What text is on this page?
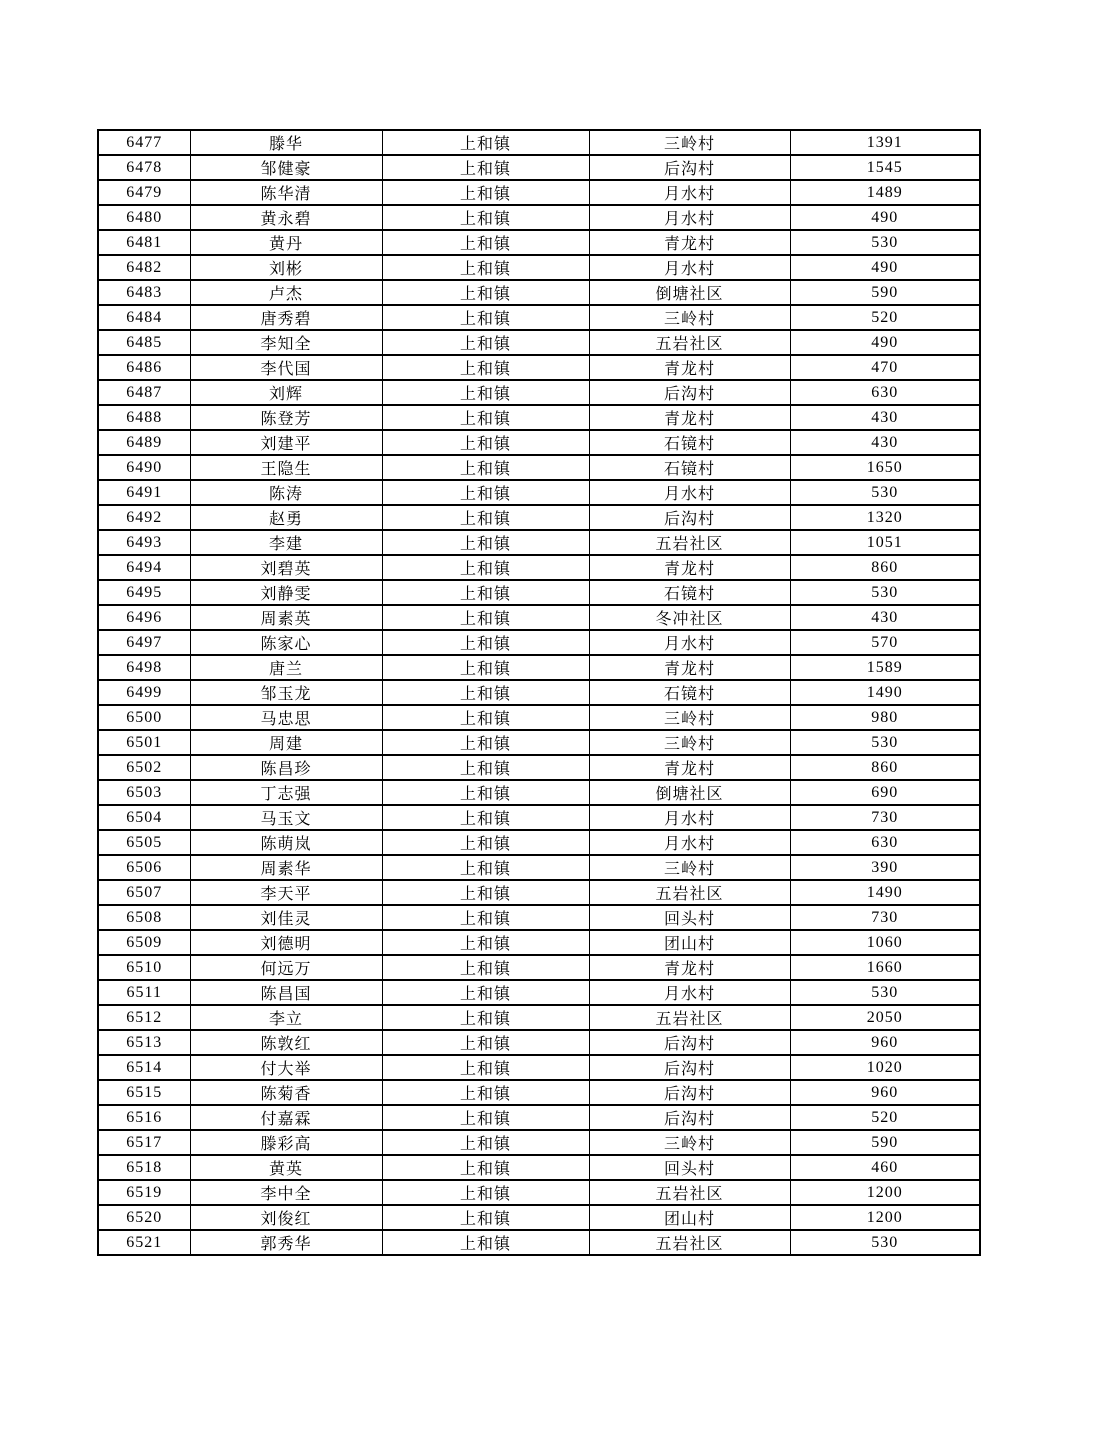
6477	滕华	上和镇	三岭村	1391
6478	邹健豪	上和镇	后沟村	1545
6479	陈华清	上和镇	月水村	1489
6480	黄永碧	上和镇	月水村	490
6481	黄丹	上和镇	青龙村	530
6482	刘彬	上和镇	月水村	490
6483	卢杰	上和镇	倒塘社区	590
6484	唐秀碧	上和镇	三岭村	520
6485	李知全	上和镇	五岩社区	490
6486	李代国	上和镇	青龙村	470
6487	刘辉	上和镇	后沟村	630
6488	陈登芳	上和镇	青龙村	430
6489	刘建平	上和镇	石镜村	430
6490	王隐生	上和镇	石镜村	1650
6491	陈涛	上和镇	月水村	530
6492	赵勇	上和镇	后沟村	1320
6493	李建	上和镇	五岩社区	1051
6494	刘碧英	上和镇	青龙村	860
6495	刘静雯	上和镇	石镜村	530
6496	周素英	上和镇	冬冲社区	430
6497	陈家心	上和镇	月水村	570
6498	唐兰	上和镇	青龙村	1589
6499	邹玉龙	上和镇	石镜村	1490
6500	马忠思	上和镇	三岭村	980
6501	周建	上和镇	三岭村	530
6502	陈昌珍	上和镇	青龙村	860
6503	丁志强	上和镇	倒塘社区	690
6504	马玉文	上和镇	月水村	730
6505	陈萌岚	上和镇	月水村	630
6506	周素华	上和镇	三岭村	390
6507	李天平	上和镇	五岩社区	1490
6508	刘佳灵	上和镇	回头村	730
6509	刘德明	上和镇	团山村	1060
6510	何远万	上和镇	青龙村	1660
6511	陈昌国	上和镇	月水村	530
6512	李立	上和镇	五岩社区	2050
6513	陈敦红	上和镇	后沟村	960
6514	付大举	上和镇	后沟村	1020
6515	陈菊香	上和镇	后沟村	960
6516	付嘉霖	上和镇	后沟村	520
6517	滕彩高	上和镇	三岭村	590
6518	黄英	上和镇	回头村	460
6519	李中全	上和镇	五岩社区	1200
6520	刘俊红	上和镇	团山村	1200
6521	郭秀华	上和镇	五岩社区	530
